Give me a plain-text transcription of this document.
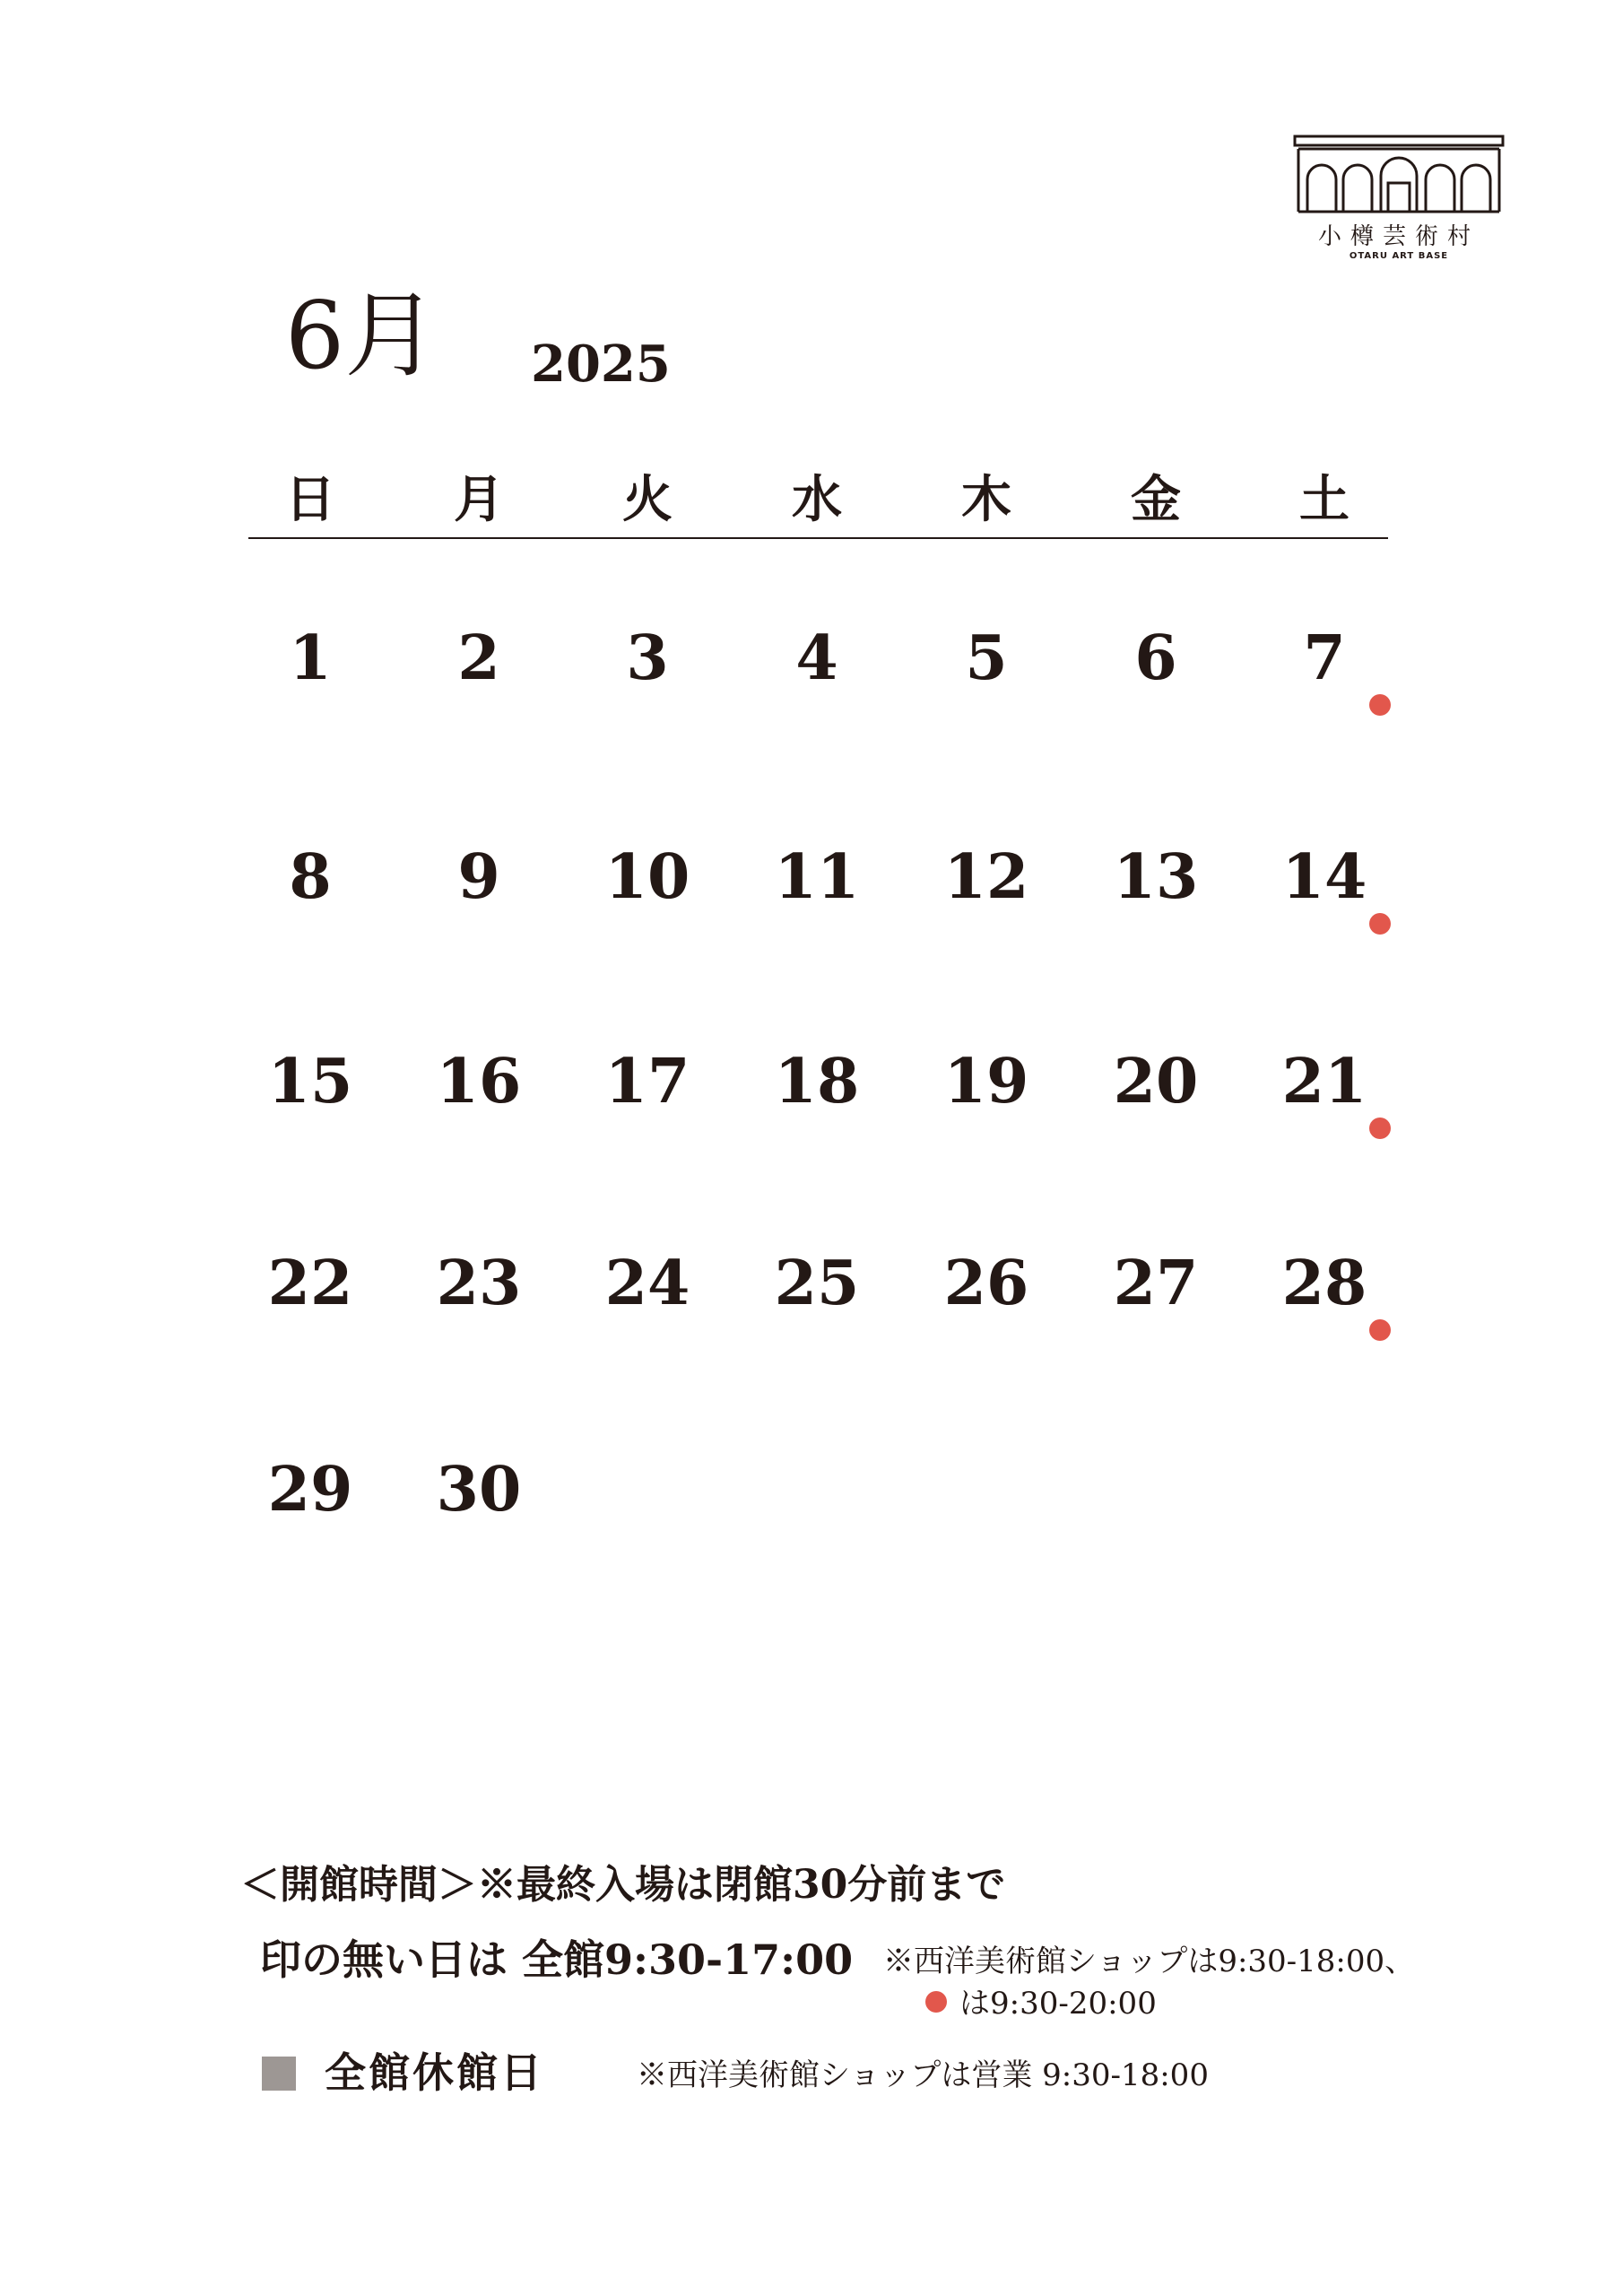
小樽芸術村
OTARU ART BASE
6月 2025
日	月	火	水	木	金	土
1	2	3	4	5	6	7
8	9	10	11	12	13	14
15	16	17	18	19	20	21
22	23	24	25	26	27	28
29	30
＜開館時間＞※最終入場は閉館30分前まで
印の無い日は 全館9:30-17:00 ※西洋美術館ショップは9:30-18:00、
は9:30-20:00
全館休館日	※西洋美術館ショップは営業 9:30-18:00
